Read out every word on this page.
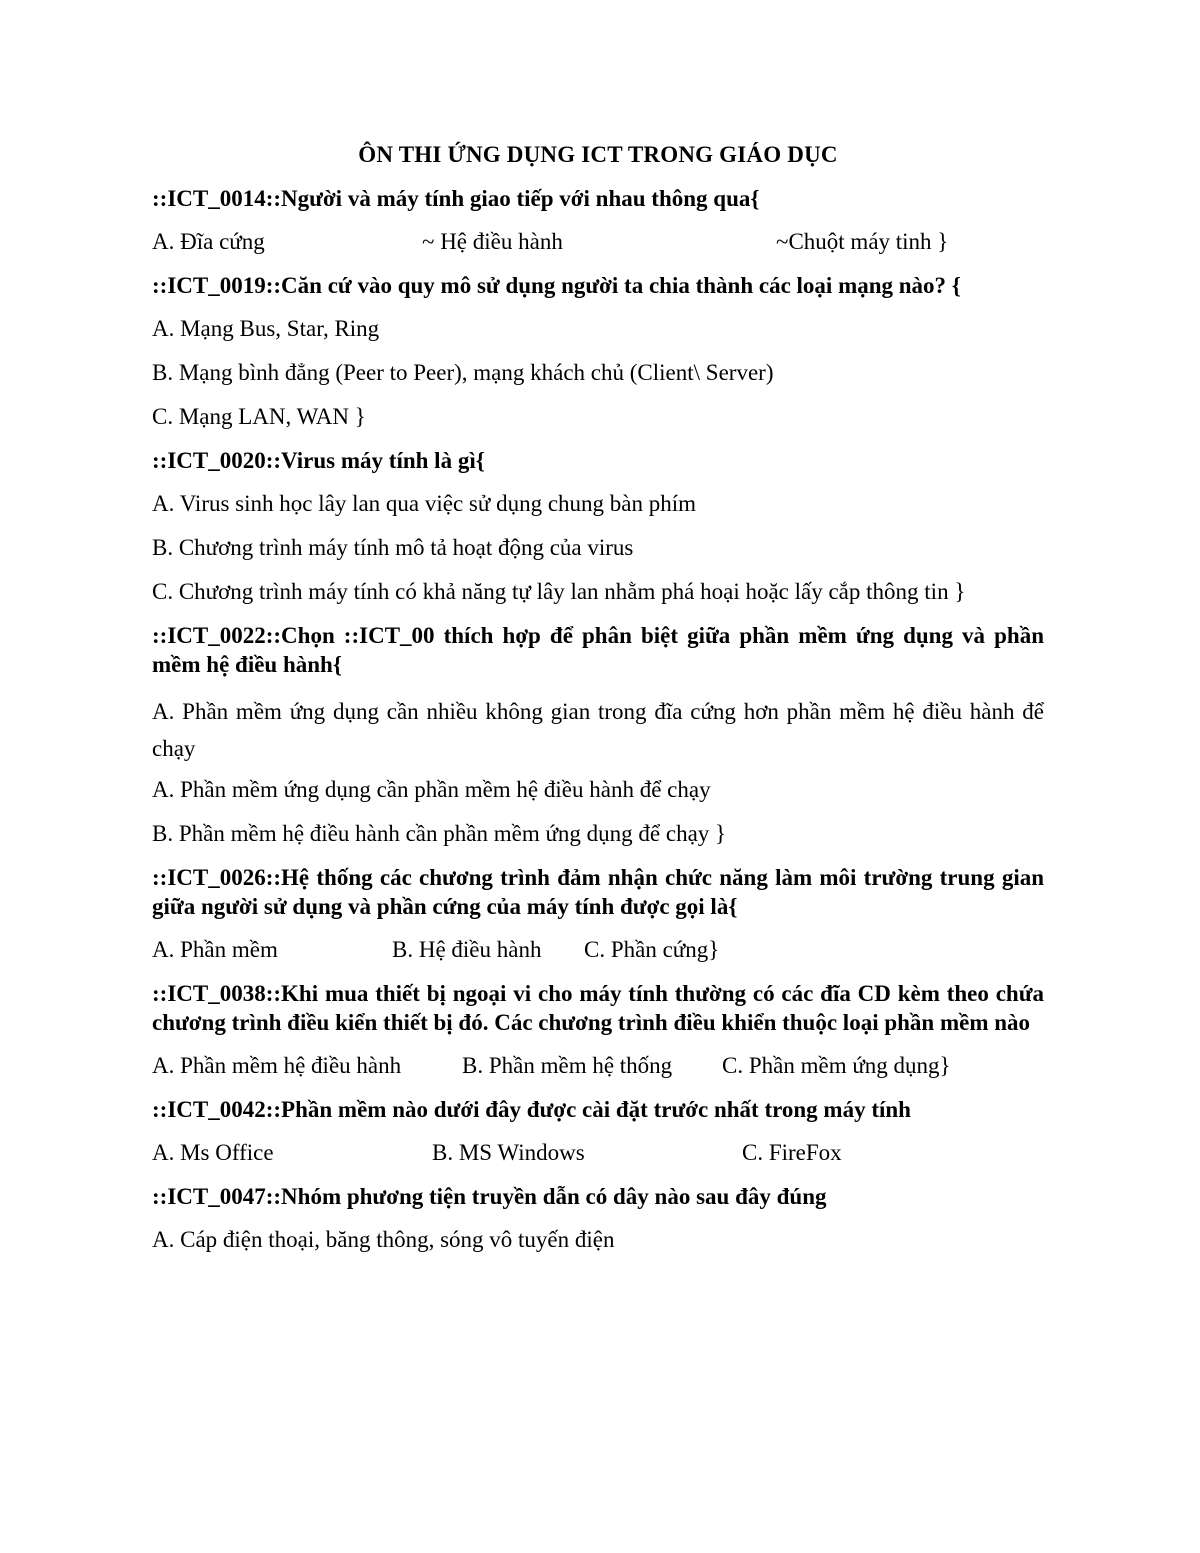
ÔN THI ỨNG DỤNG ICT TRONG GIÁO DỤC
::ICT_0014::Người và máy tính giao tiếp với nhau thông qua{
A. Đĩa cứng	~ Hệ điều hành	~Chuột máy tinh }
::ICT_0019::Căn cứ vào quy mô sử dụng người ta chia thành các loại mạng nào? {
A. Mạng Bus, Star, Ring
B. Mạng bình đẳng (Peer to Peer), mạng khách chủ (Client\ Server)
C. Mạng LAN, WAN }
::ICT_0020::Virus máy tính là gì{
A. Virus sinh học lây lan qua việc sử dụng chung bàn phím
B. Chương trình máy tính mô tả hoạt động của virus
C. Chương trình máy tính có khả năng tự lây lan nhằm phá hoại hoặc lấy cắp thông tin }
::ICT_0022::Chọn ::ICT_00 thích hợp để phân biệt giữa phần mềm ứng dụng và phần mềm hệ điều hành{
A. Phần mềm ứng dụng cần nhiều không gian trong đĩa cứng hơn phần mềm hệ điều hành để chạy
A. Phần mềm ứng dụng cần phần mềm hệ điều hành để chạy
B. Phần mềm hệ điều hành cần phần mềm ứng dụng để chạy }
::ICT_0026::Hệ thống các chương trình đảm nhận chức năng làm môi trường trung gian giữa người sử dụng và phần cứng của máy tính được gọi là{
A. Phần mềm	B. Hệ điều hành	C. Phần cứng}
::ICT_0038::Khi mua thiết bị ngoại vi cho máy tính thường có các đĩa CD kèm theo chứa chương trình điều kiển thiết bị đó. Các chương trình điều khiển thuộc loại phần mềm nào
A. Phần mềm hệ điều hành	B. Phần mềm hệ thống	C. Phần mềm ứng dụng}
::ICT_0042::Phần mềm nào dưới đây được cài đặt trước nhất trong máy tính
A. Ms Office	B. MS Windows	C. FireFox
::ICT_0047::Nhóm phương tiện truyền dẫn có dây nào sau đây đúng
A. Cáp điện thoại, băng thông, sóng vô tuyến điện
